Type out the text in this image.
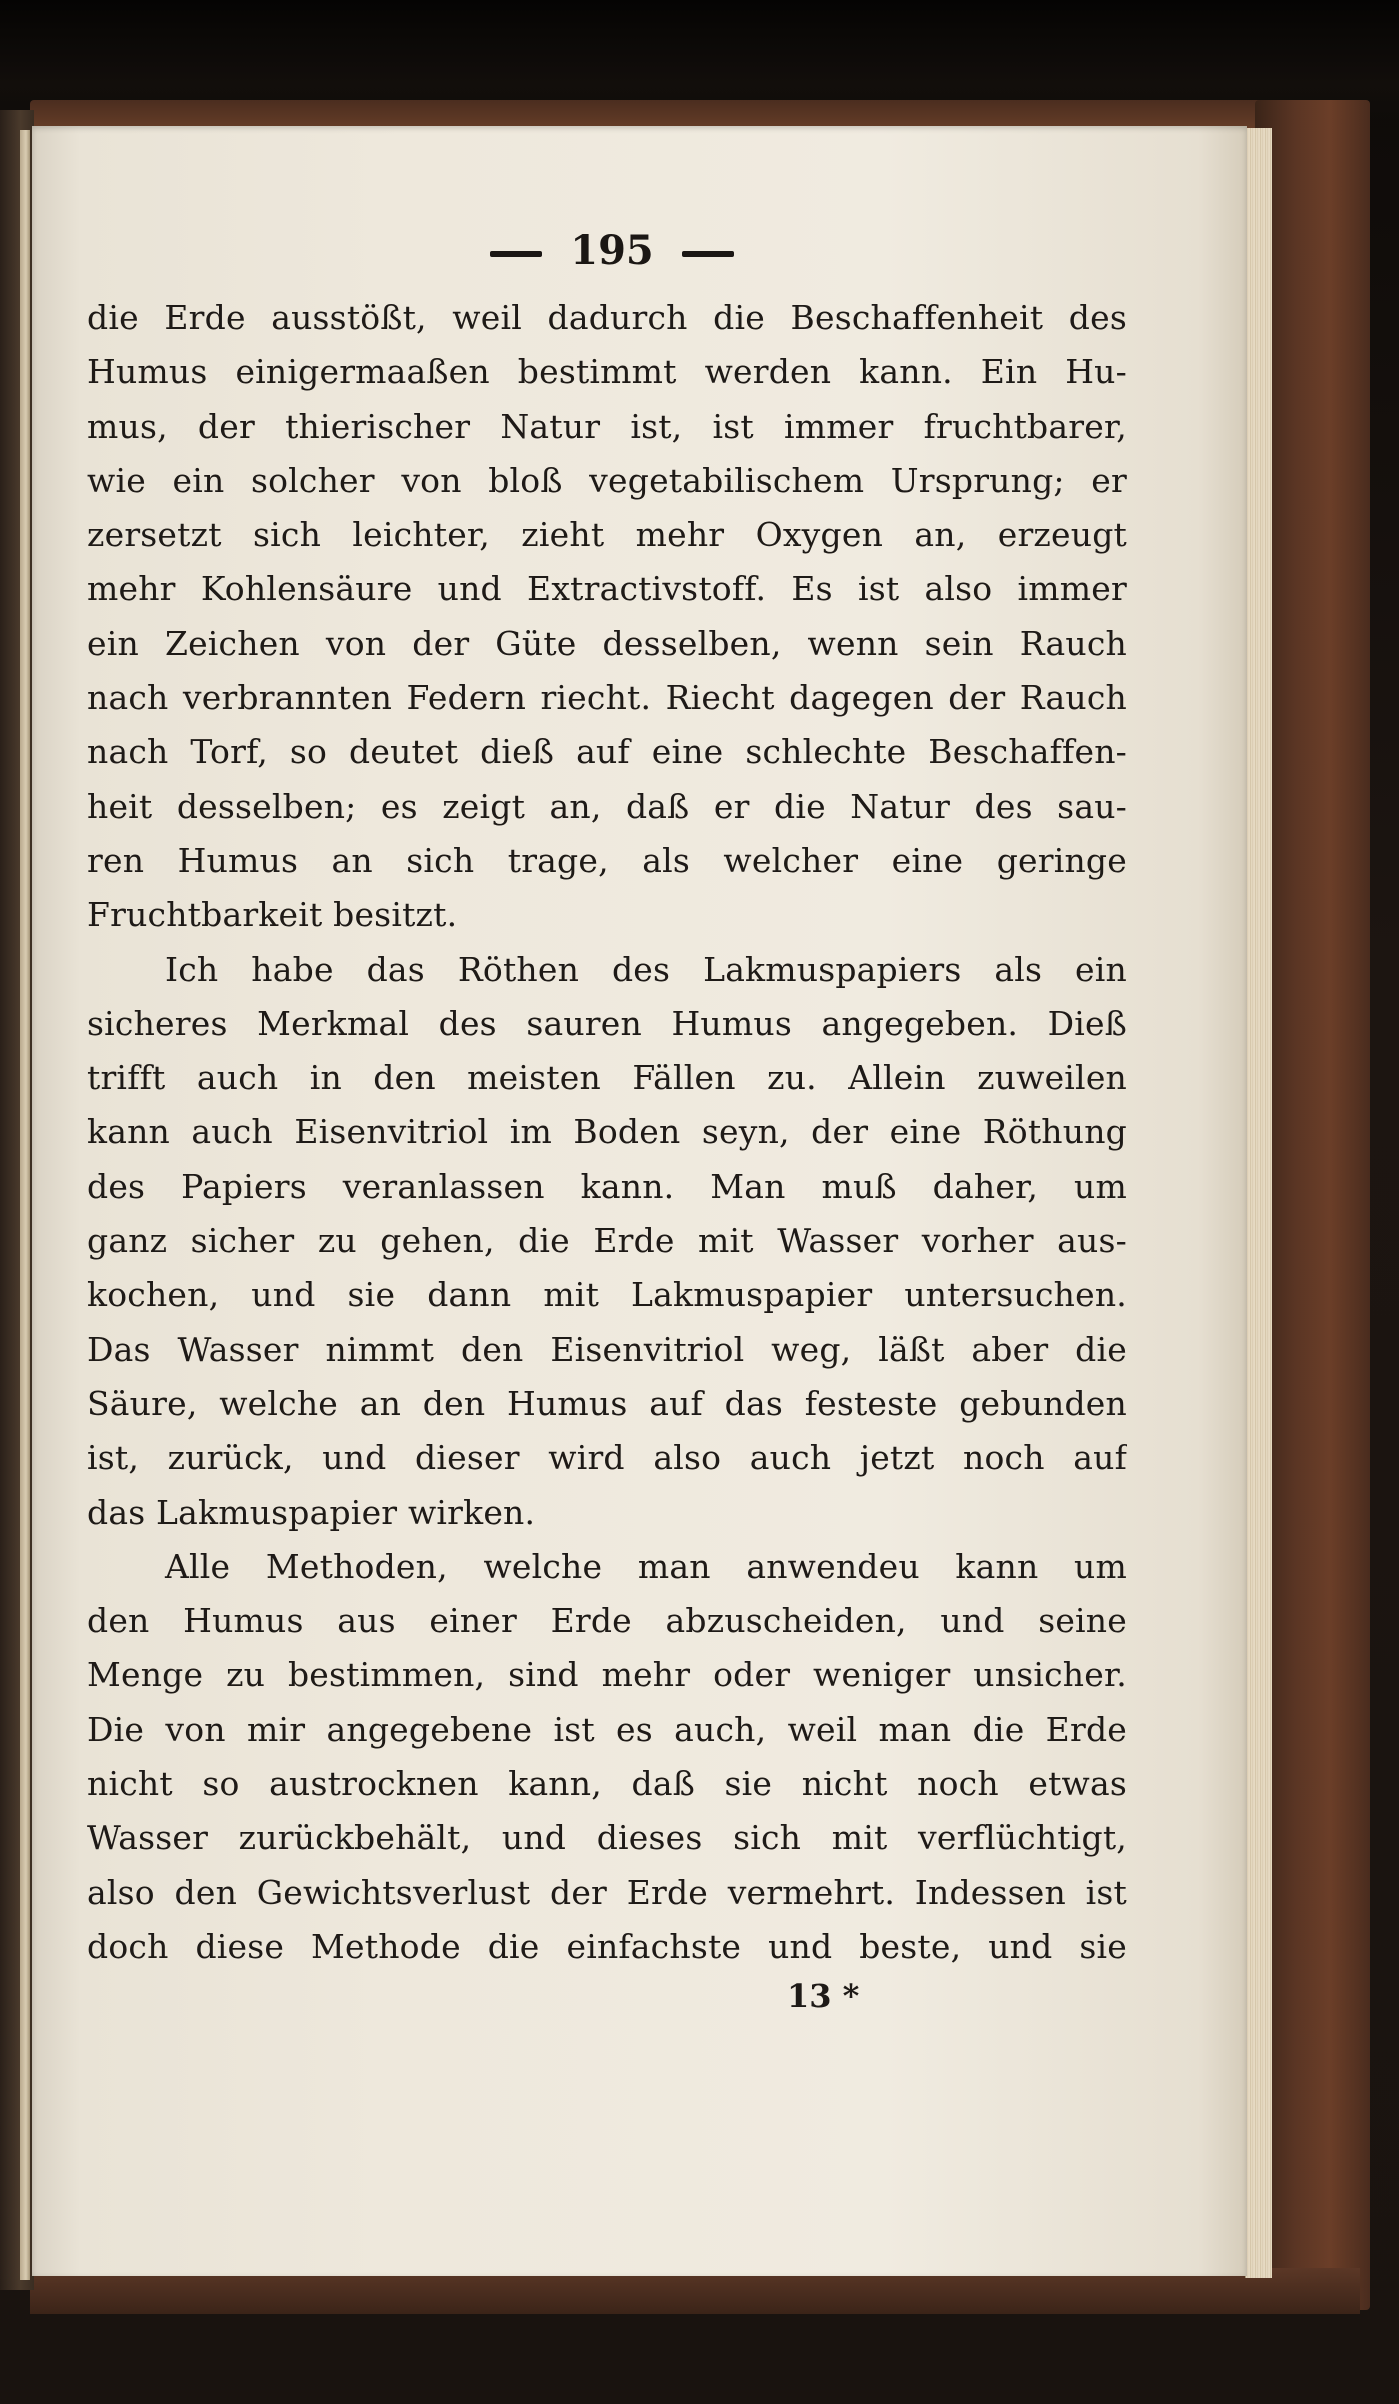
195
die Erde ausstößt, weil dadurch die Beschaffenheit des
Humus einigermaaßen bestimmt werden kann. Ein Hu-
mus, der thierischer Natur ist, ist immer fruchtbarer,
wie ein solcher von bloß vegetabilischem Ursprung; er
zersetzt sich leichter, zieht mehr Oxygen an, erzeugt
mehr Kohlensäure und Extractivstoff. Es ist also immer
ein Zeichen von der Güte desselben, wenn sein Rauch
nach verbrannten Federn riecht. Riecht dagegen der Rauch
nach Torf, so deutet dieß auf eine schlechte Beschaffen-
heit desselben; es zeigt an, daß er die Natur des sau-
ren Humus an sich trage, als welcher eine geringe
Fruchtbarkeit besitzt.
Ich habe das Röthen des Lakmuspapiers als ein
sicheres Merkmal des sauren Humus angegeben. Dieß
trifft auch in den meisten Fällen zu. Allein zuweilen
kann auch Eisenvitriol im Boden seyn, der eine Röthung
des Papiers veranlassen kann. Man muß daher, um
ganz sicher zu gehen, die Erde mit Wasser vorher aus-
kochen, und sie dann mit Lakmuspapier untersuchen.
Das Wasser nimmt den Eisenvitriol weg, läßt aber die
Säure, welche an den Humus auf das festeste gebunden
ist, zurück, und dieser wird also auch jetzt noch auf
das Lakmuspapier wirken.
Alle Methoden, welche man anwendeu kann um
den Humus aus einer Erde abzuscheiden, und seine
Menge zu bestimmen, sind mehr oder weniger unsicher.
Die von mir angegebene ist es auch, weil man die Erde
nicht so austrocknen kann, daß sie nicht noch etwas
Wasser zurückbehält, und dieses sich mit verflüchtigt,
also den Gewichtsverlust der Erde vermehrt. Indessen ist
doch diese Methode die einfachste und beste, und sie
13 *
